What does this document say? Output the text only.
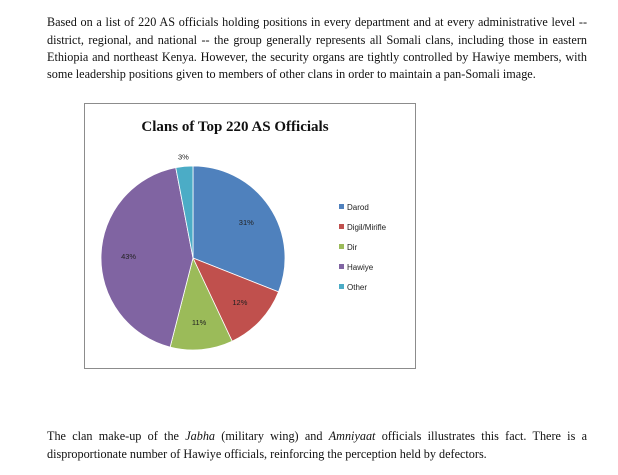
Based on a list of 220 AS officials holding positions in every department and at every administrative level -- district, regional, and national -- the group generally represents all Somali clans, including those in eastern Ethiopia and northeast Kenya. However, the security organs are tightly controlled by Hawiye members, with some leadership positions given to members of other clans in order to maintain a pan-Somali image.

Clans of Top 220 AS Officials
31%
12%
11%
43%
3%
Darod
Digil/Mirifle
Dir
Hawiye
Other

The clan make-up of the Jabha (military wing) and Amniyaat officials illustrates this fact. There is a disproportionate number of Hawiye officials, reinforcing the perception held by defectors.
